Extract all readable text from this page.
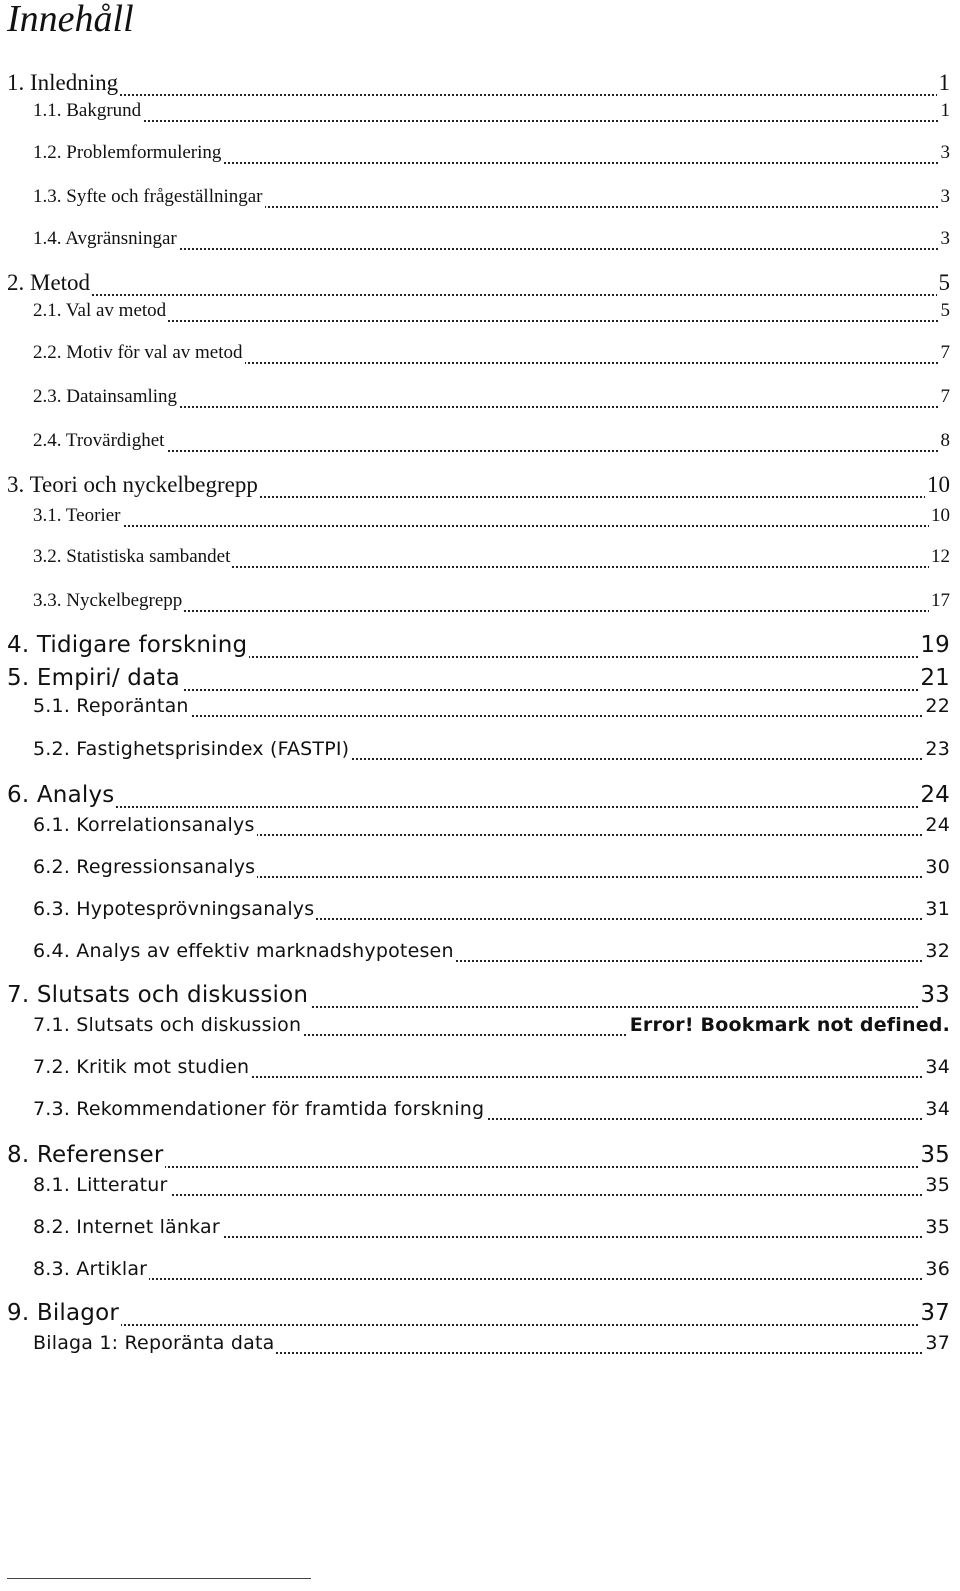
Innehåll
1. Inledning	1
1.1. Bakgrund	1
1.2. Problemformulering	3
1.3. Syfte och frågeställningar	3
1.4. Avgränsningar	3
2. Metod	5
2.1. Val av metod	5
2.2. Motiv för val av metod	7
2.3. Datainsamling	7
2.4. Trovärdighet	8
3. Teori och nyckelbegrepp	10
3.1. Teorier	10
3.2. Statistiska sambandet	12
3.3. Nyckelbegrepp	17
4. Tidigare forskning	19
5. Empiri/ data	21
5.1. Reporäntan	22
5.2. Fastighetsprisindex (FASTPI)	23
6. Analys	24
6.1. Korrelationsanalys	24
6.2. Regressionsanalys	30
6.3. Hypotesprövningsanalys	31
6.4. Analys av effektiv marknadshypotesen	32
7. Slutsats och diskussion	33
7.1. Slutsats och diskussion	Error! Bookmark not defined.
7.2. Kritik mot studien	34
7.3. Rekommendationer för framtida forskning	34
8. Referenser	35
8.1. Litteratur	35
8.2. Internet länkar	35
8.3. Artiklar	36
9. Bilagor	37
Bilaga 1: Reporänta data	37
